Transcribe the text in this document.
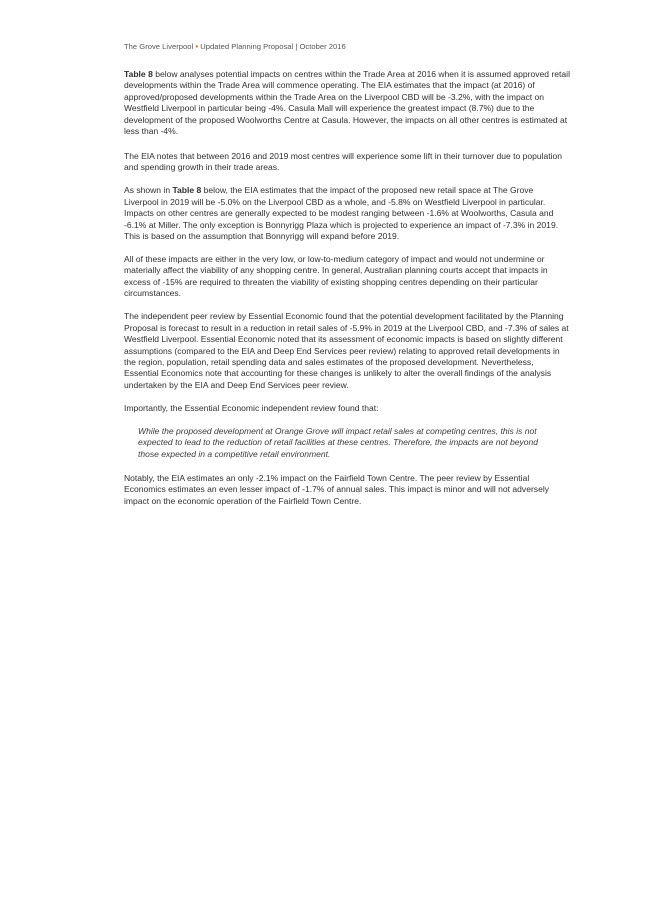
The Grove Liverpool • Updated Planning Proposal | October 2016

Table 8 below analyses potential impacts on centres within the Trade Area at 2016 when it is assumed approved retail developments within the Trade Area will commence operating. The EIA estimates that the impact (at 2016) of approved/proposed developments within the Trade Area on the Liverpool CBD will be -3.2%, with the impact on Westfield Liverpool in particular being -4%. Casula Mall will experience the greatest impact (8.7%) due to the development of the proposed Woolworths Centre at Casula. However, the impacts on all other centres is estimated at less than -4%.

The EIA notes that between 2016 and 2019 most centres will experience some lift in their turnover due to population and spending growth in their trade areas.

As shown in Table 8 below, the EIA estimates that the impact of the proposed new retail space at The Grove Liverpool in 2019 will be -5.0% on the Liverpool CBD as a whole, and -5.8% on Westfield Liverpool in particular. Impacts on other centres are generally expected to be modest ranging between -1.6% at Woolworths, Casula and -6.1% at Miller. The only exception is Bonnyrigg Plaza which is projected to experience an impact of -7.3% in 2019. This is based on the assumption that Bonnyrigg will expand before 2019.

All of these impacts are either in the very low, or low-to-medium category of impact and would not undermine or materially affect the viability of any shopping centre. In general, Australian planning courts accept that impacts in excess of -15% are required to threaten the viability of existing shopping centres depending on their particular circumstances.

The independent peer review by Essential Economic found that the potential development facilitated by the Planning Proposal is forecast to result in a reduction in retail sales of -5.9% in 2019 at the Liverpool CBD, and -7.3% of sales at Westfield Liverpool. Essential Economic noted that its assessment of economic impacts is based on slightly different assumptions (compared to the EIA and Deep End Services peer review) relating to approved retail developments in the region, population, retail spending data and sales estimates of the proposed development. Nevertheless, Essential Economics note that accounting for these changes is unlikely to alter the overall findings of the analysis undertaken by the EIA and Deep End Services peer review.

Importantly, the Essential Economic independent review found that:

While the proposed development at Orange Grove will impact retail sales at competing centres, this is not expected to lead to the reduction of retail facilities at these centres. Therefore, the impacts are not beyond those expected in a competitive retail environment.

Notably, the EIA estimates an only -2.1% impact on the Fairfield Town Centre. The peer review by Essential Economics estimates an even lesser impact of -1.7% of annual sales. This impact is minor and will not adversely impact on the economic operation of the Fairfield Town Centre.
